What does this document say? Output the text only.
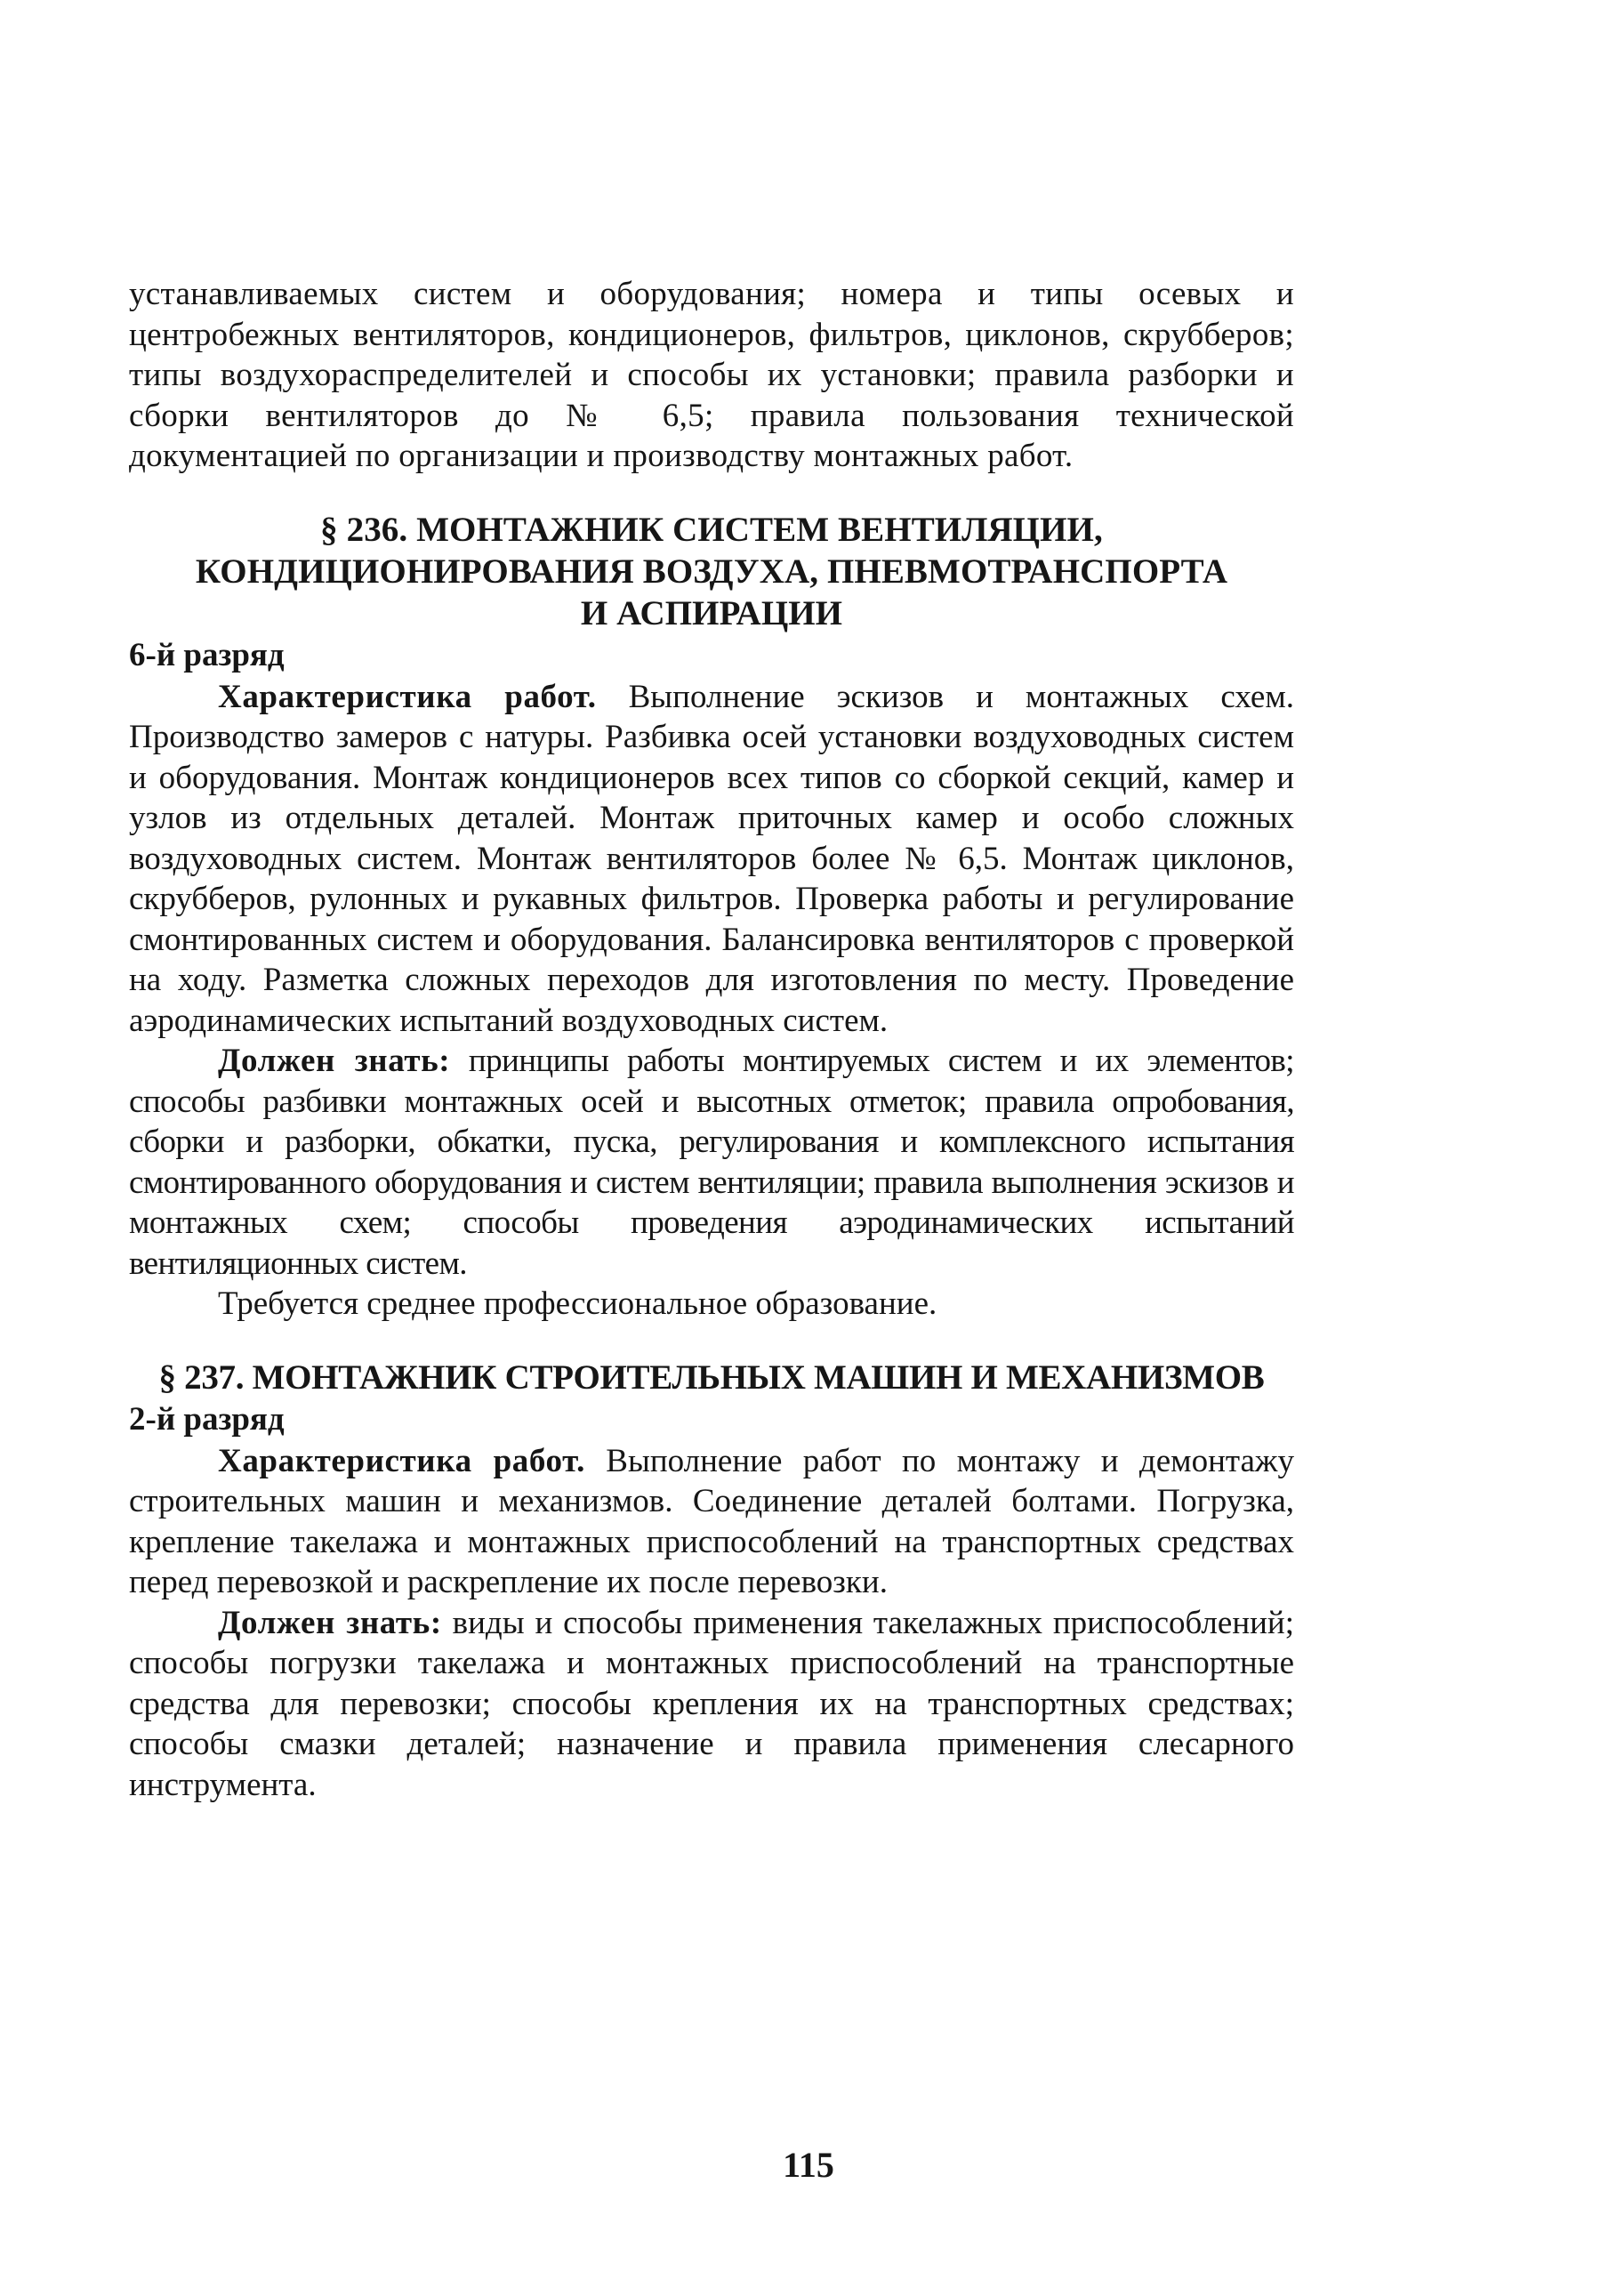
устанавливаемых систем и оборудования; номера и типы осевых и центробежных вентиляторов, кондиционеров, фильтров, циклонов, скрубберов; типы воздухораспределителей и способы их установки; правила разборки и сборки вентиляторов до № 6,5; правила пользования технической документацией по организации и производству монтажных работ.

§ 236. МОНТАЖНИК СИСТЕМ ВЕНТИЛЯЦИИ,
КОНДИЦИОНИРОВАНИЯ ВОЗДУХА, ПНЕВМОТРАНСПОРТА
И АСПИРАЦИИ

6-й разряд

Характеристика работ. Выполнение эскизов и монтажных схем. Производство замеров с натуры. Разбивка осей установки воздуховодных систем и оборудования. Монтаж кондиционеров всех типов со сборкой секций, камер и узлов из отдельных деталей. Монтаж приточных камер и особо сложных воздуховодных систем. Монтаж вентиляторов более № 6,5. Монтаж циклонов, скрубберов, рулонных и рукавных фильтров. Проверка работы и регулирование смонтированных систем и оборудования. Балансировка вентиляторов с проверкой на ходу. Разметка сложных переходов для изготовления по месту. Проведение аэродинамических испытаний воздуховодных систем.

Должен знать: принципы работы монтируемых систем и их элементов; способы разбивки монтажных осей и высотных отметок; правила опробования, сборки и разборки, обкатки, пуска, регулирования и комплексного испытания смонтированного оборудования и систем вентиляции; правила выполнения эскизов и монтажных схем; способы проведения аэродинамических испытаний вентиляционных систем.

Требуется среднее профессиональное образование.

§ 237. МОНТАЖНИК СТРОИТЕЛЬНЫХ МАШИН И МЕХАНИЗМОВ

2-й разряд

Характеристика работ. Выполнение работ по монтажу и демонтажу строительных машин и механизмов. Соединение деталей болтами. Погрузка, крепление такелажа и монтажных приспособлений на транспортных средствах перед перевозкой и раскрепление их после перевозки.

Должен знать: виды и способы применения такелажных приспособлений; способы погрузки такелажа и монтажных приспособлений на транспортные средства для перевозки; способы крепления их на транспортных средствах; способы смазки деталей; назначение и правила применения слесарного инструмента.

115
